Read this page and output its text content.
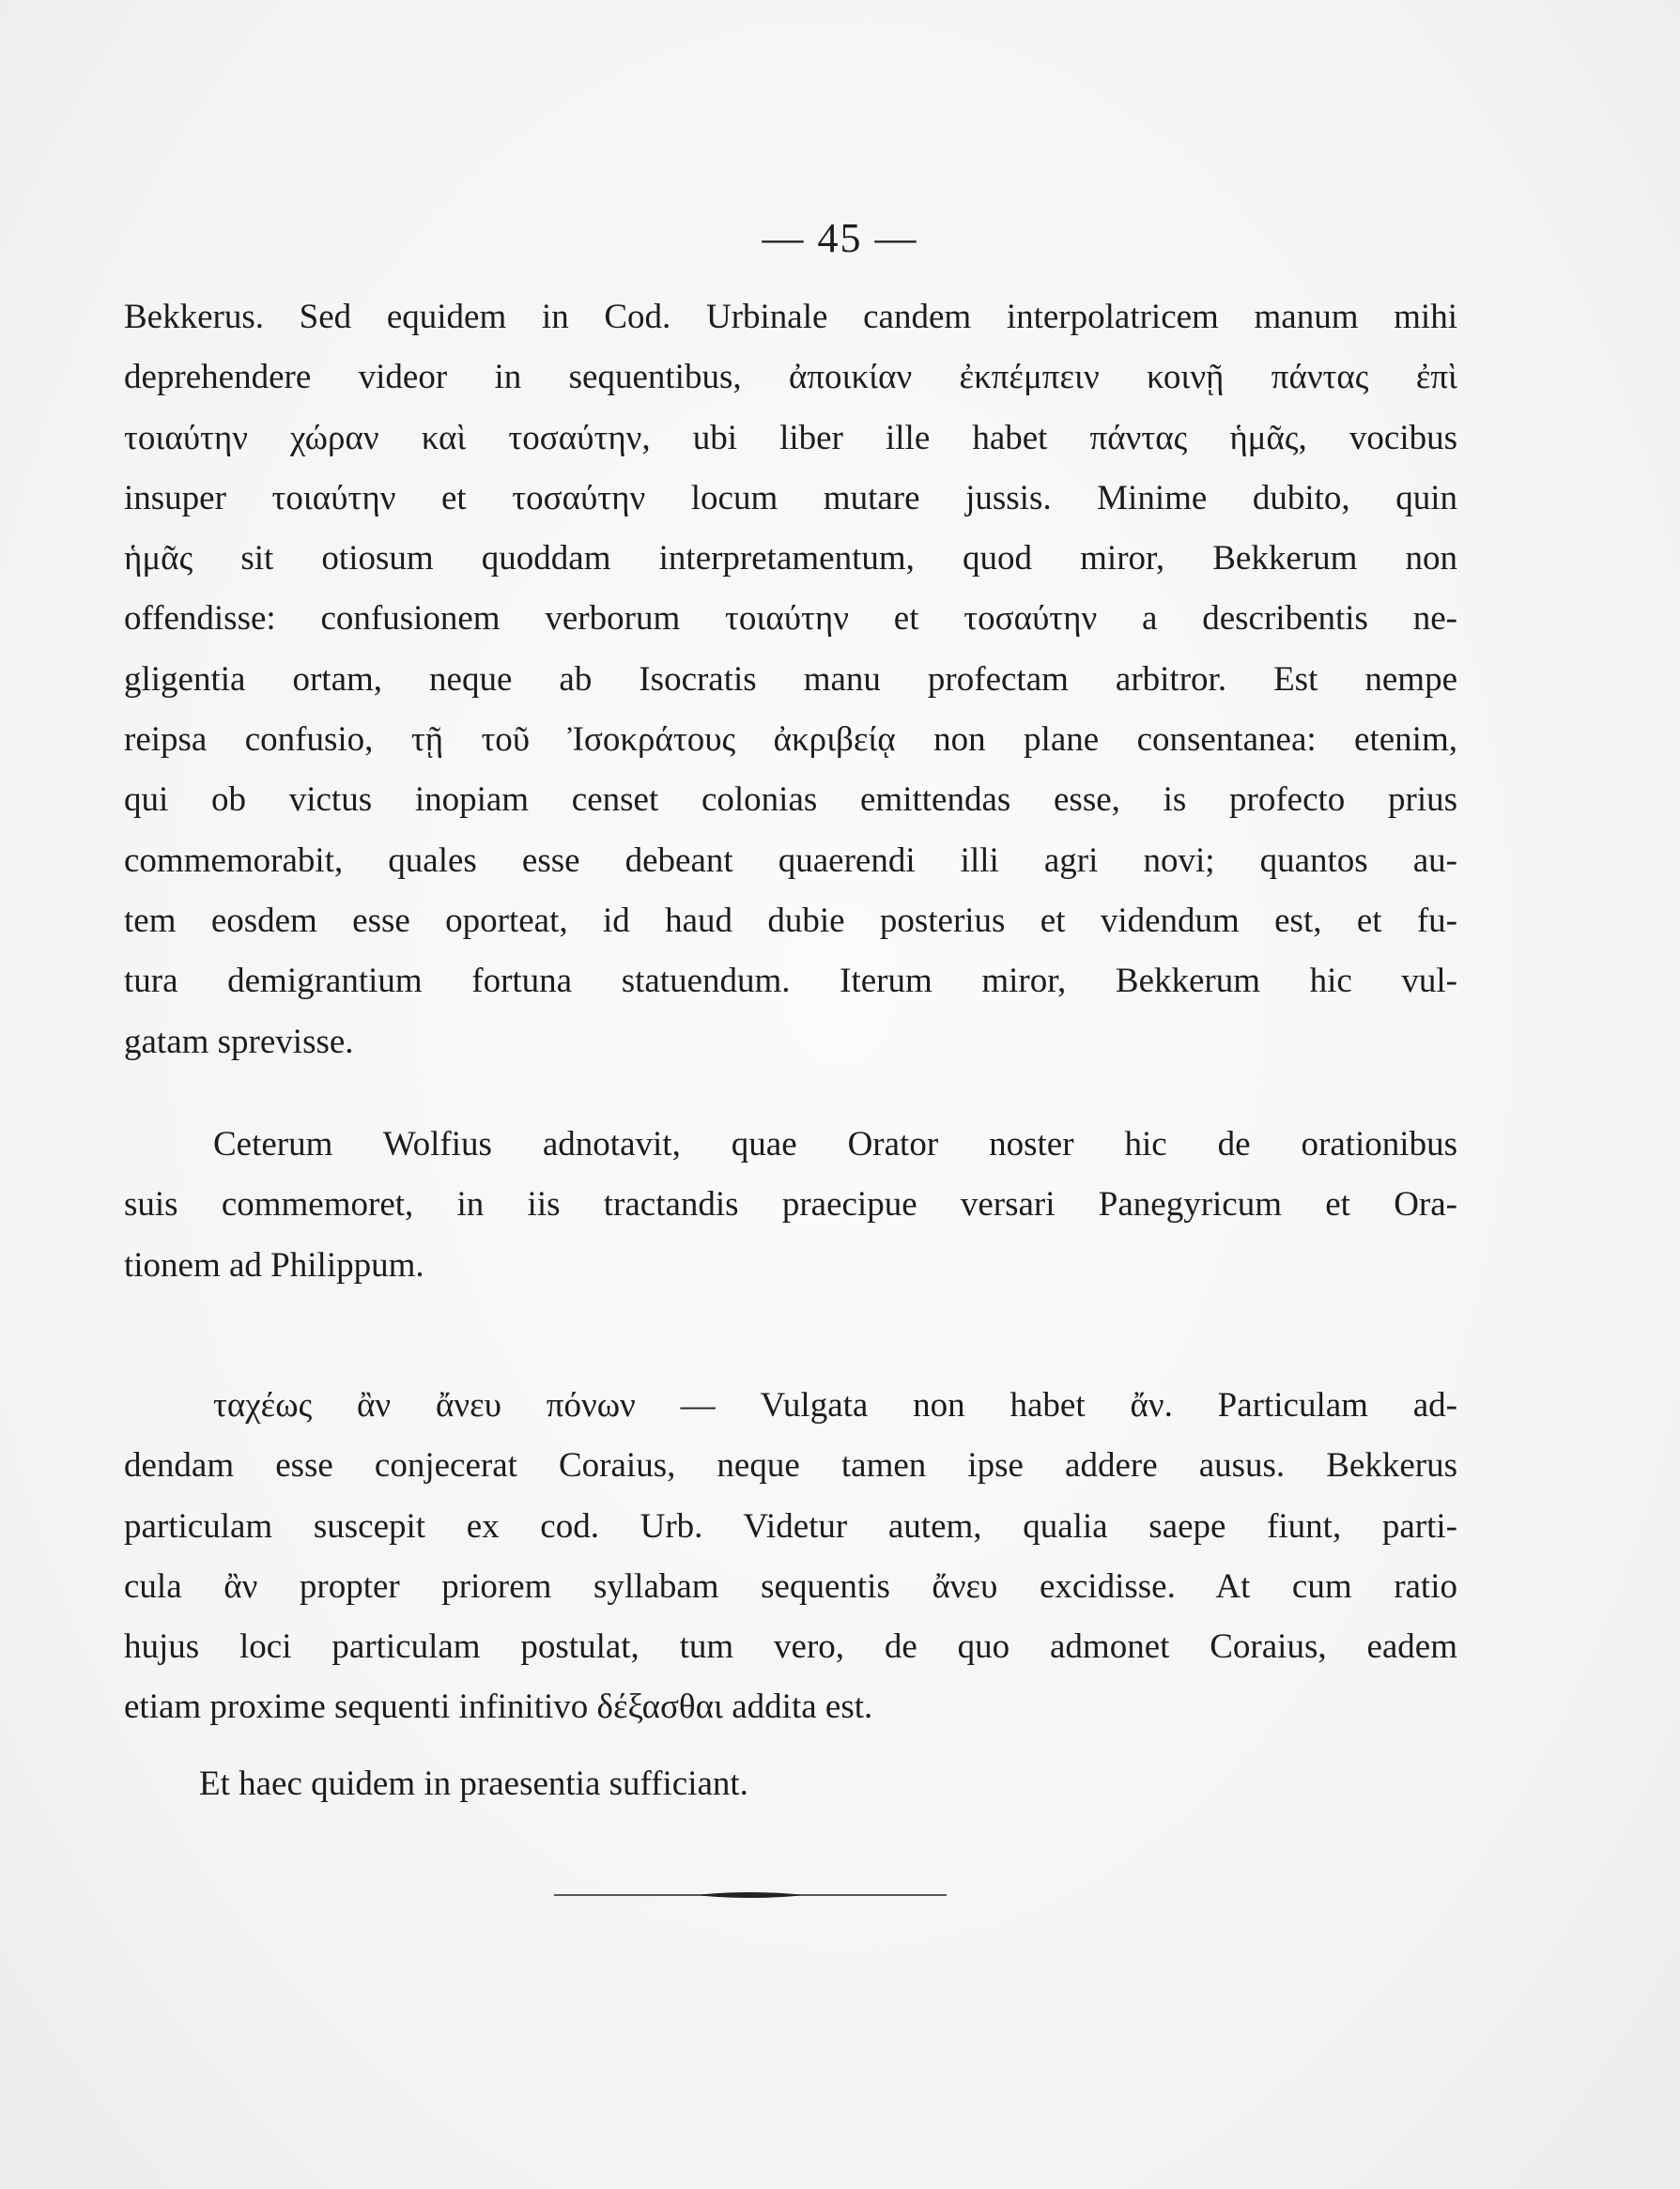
— 45 —
Bekkerus. Sed equidem in Cod. Urbinale candem interpolatricem manum mihi
deprehendere videor in sequentibus, ἀποικίαν ἐκπέμπειν κοινῇ πάντας ἐπὶ
τοιαύτην χώραν καὶ τοσαύτην, ubi liber ille habet πάντας ἡμᾶς, vocibus
insuper τοιαύτην et τοσαύτην locum mutare jussis. Minime dubito, quin
ἡμᾶς sit otiosum quoddam interpretamentum, quod miror, Bekkerum non
offendisse: confusionem verborum τοιαύτην et τοσαύτην a describentis ne-
gligentia ortam, neque ab Isocratis manu profectam arbitror. Est nempe
reipsa confusio, τῇ τοῦ Ἰσοκράτους ἀκριβείᾳ non plane consentanea: etenim,
qui ob victus inopiam censet colonias emittendas esse, is profecto prius
commemorabit, quales esse debeant quaerendi illi agri novi; quantos au-
tem eosdem esse oporteat, id haud dubie posterius et videndum est, et fu-
tura demigrantium fortuna statuendum. Iterum miror, Bekkerum hic vul-
gatam sprevisse.
Ceterum Wolfius adnotavit, quae Orator noster hic de orationibus
suis commemoret, in iis tractandis praecipue versari Panegyricum et Ora-
tionem ad Philippum.
ταχέως ἂν ἄνευ πόνων — Vulgata non habet ἄν. Particulam ad-
dendam esse conjecerat Coraius, neque tamen ipse addere ausus. Bekkerus
particulam suscepit ex cod. Urb. Videtur autem, qualia saepe fiunt, parti-
cula ἂν propter priorem syllabam sequentis ἄνευ excidisse. At cum ratio
hujus loci particulam postulat, tum vero, de quo admonet Coraius, eadem
etiam proxime sequenti infinitivo δέξασθαι addita est.
Et haec quidem in praesentia sufficiant.
